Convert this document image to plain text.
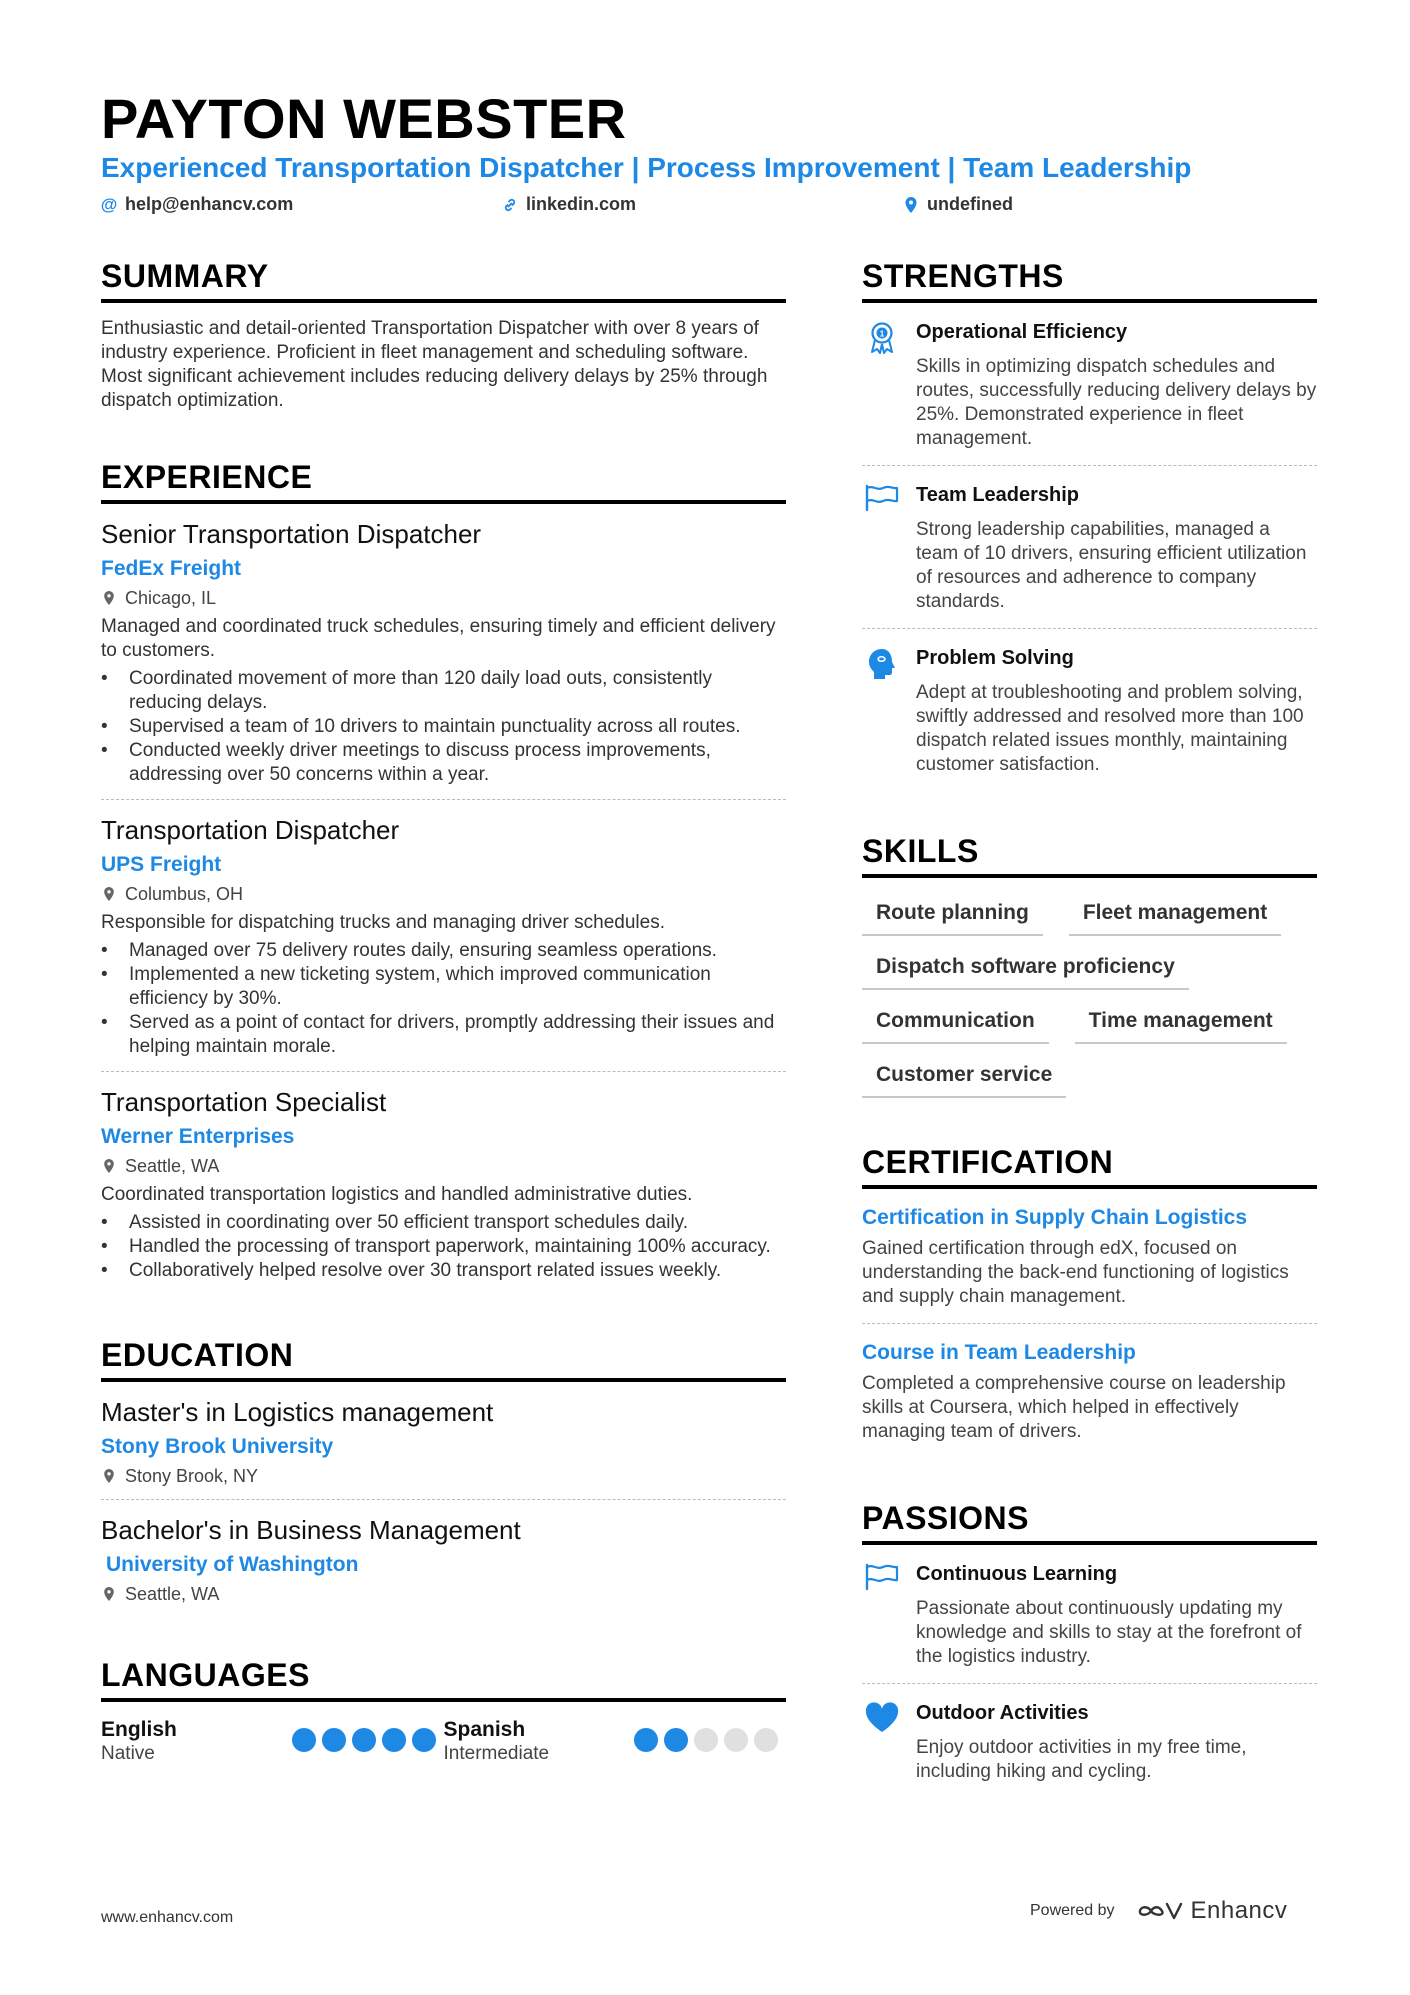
PAYTON WEBSTER
Experienced Transportation Dispatcher | Process Improvement | Team Leadership
@ help@enhancv.com	linkedin.com	undefined
SUMMARY
Enthusiastic and detail-oriented Transportation Dispatcher with over 8 years of industry experience. Proficient in fleet management and scheduling software. Most significant achievement includes reducing delivery delays by 25% through dispatch optimization.
EXPERIENCE
Senior Transportation Dispatcher
FedEx Freight
Chicago, IL
Managed and coordinated truck schedules, ensuring timely and efficient delivery to customers.
• Coordinated movement of more than 120 daily load outs, consistently reducing delays.
• Supervised a team of 10 drivers to maintain punctuality across all routes.
• Conducted weekly driver meetings to discuss process improvements, addressing over 50 concerns within a year.
Transportation Dispatcher
UPS Freight
Columbus, OH
Responsible for dispatching trucks and managing driver schedules.
• Managed over 75 delivery routes daily, ensuring seamless operations.
• Implemented a new ticketing system, which improved communication efficiency by 30%.
• Served as a point of contact for drivers, promptly addressing their issues and helping maintain morale.
Transportation Specialist
Werner Enterprises
Seattle, WA
Coordinated transportation logistics and handled administrative duties.
• Assisted in coordinating over 50 efficient transport schedules daily.
• Handled the processing of transport paperwork, maintaining 100% accuracy.
• Collaboratively helped resolve over 30 transport related issues weekly.
EDUCATION
Master's in Logistics management
Stony Brook University
Stony Brook, NY
Bachelor's in Business Management
University of Washington
Seattle, WA
LANGUAGES
English
Native
Spanish
Intermediate
STRENGTHS
1 Operational Efficiency
Skills in optimizing dispatch schedules and routes, successfully reducing delivery delays by 25%. Demonstrated experience in fleet management.
Team Leadership
Strong leadership capabilities, managed a team of 10 drivers, ensuring efficient utilization of resources and adherence to company standards.
Problem Solving
Adept at troubleshooting and problem solving, swiftly addressed and resolved more than 100 dispatch related issues monthly, maintaining customer satisfaction.
SKILLS
Route planning	Fleet management
Dispatch software proficiency
Communication	Time management
Customer service
CERTIFICATION
Certification in Supply Chain Logistics
Gained certification through edX, focused on understanding the back-end functioning of logistics and supply chain management.
Course in Team Leadership
Completed a comprehensive course on leadership skills at Coursera, which helped in effectively managing team of drivers.
PASSIONS
Continuous Learning
Passionate about continuously updating my knowledge and skills to stay at the forefront of the logistics industry.
Outdoor Activities
Enjoy outdoor activities in my free time, including hiking and cycling.
www.enhancv.com	Powered by	Enhancv
